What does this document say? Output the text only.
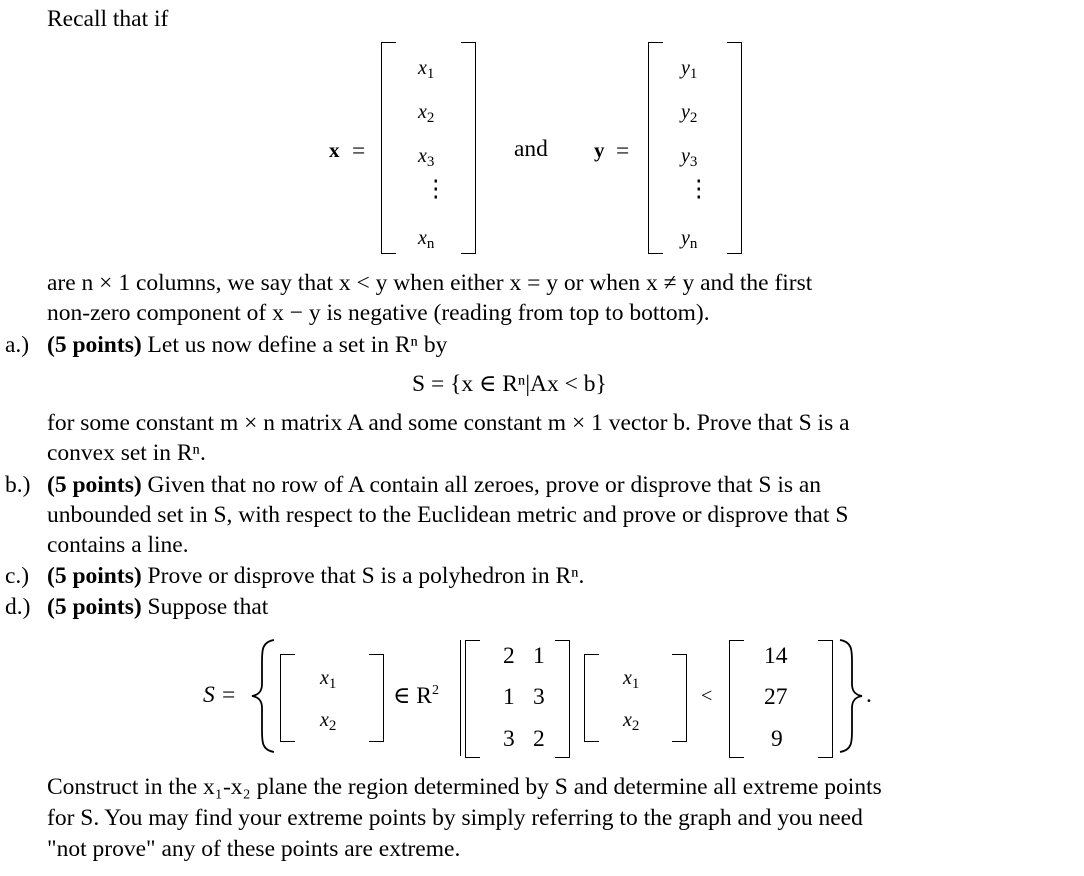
Recall that if
x =
$x_1$
$x_2$
$x_3$
⋮
$x_n$
and y =
$y_1$
$y_2$
$y_3$
⋮
$y_n$
are n × 1 columns, we say that x < y when either x = y or when x ≠ y and the first
non-zero component of x − y is negative (reading from top to bottom).
a.) (5 points) Let us now define a set in Rⁿ by
S = {x ∈ Rⁿ|Ax < b}
for some constant m × n matrix A and some constant m × 1 vector b. Prove that S is a
convex set in Rⁿ.
b.) (5 points) Given that no row of A contain all zeroes, prove or disprove that S is an
unbounded set in S, with respect to the Euclidean metric and prove or disprove that S
contains a line.
c.) (5 points) Prove or disprove that S is a polyhedron in Rⁿ.
d.) (5 points) Suppose that
S =
$x_1$
$x_2$
∈ $R^2$
2 1
1 3
3 2
$x_1$
$x_2$
<
14
27
9
.
Construct in the x₁-x₂ plane the region determined by S and determine all extreme points
for S. You may find your extreme points by simply referring to the graph and you need
"not prove" any of these points are extreme.
